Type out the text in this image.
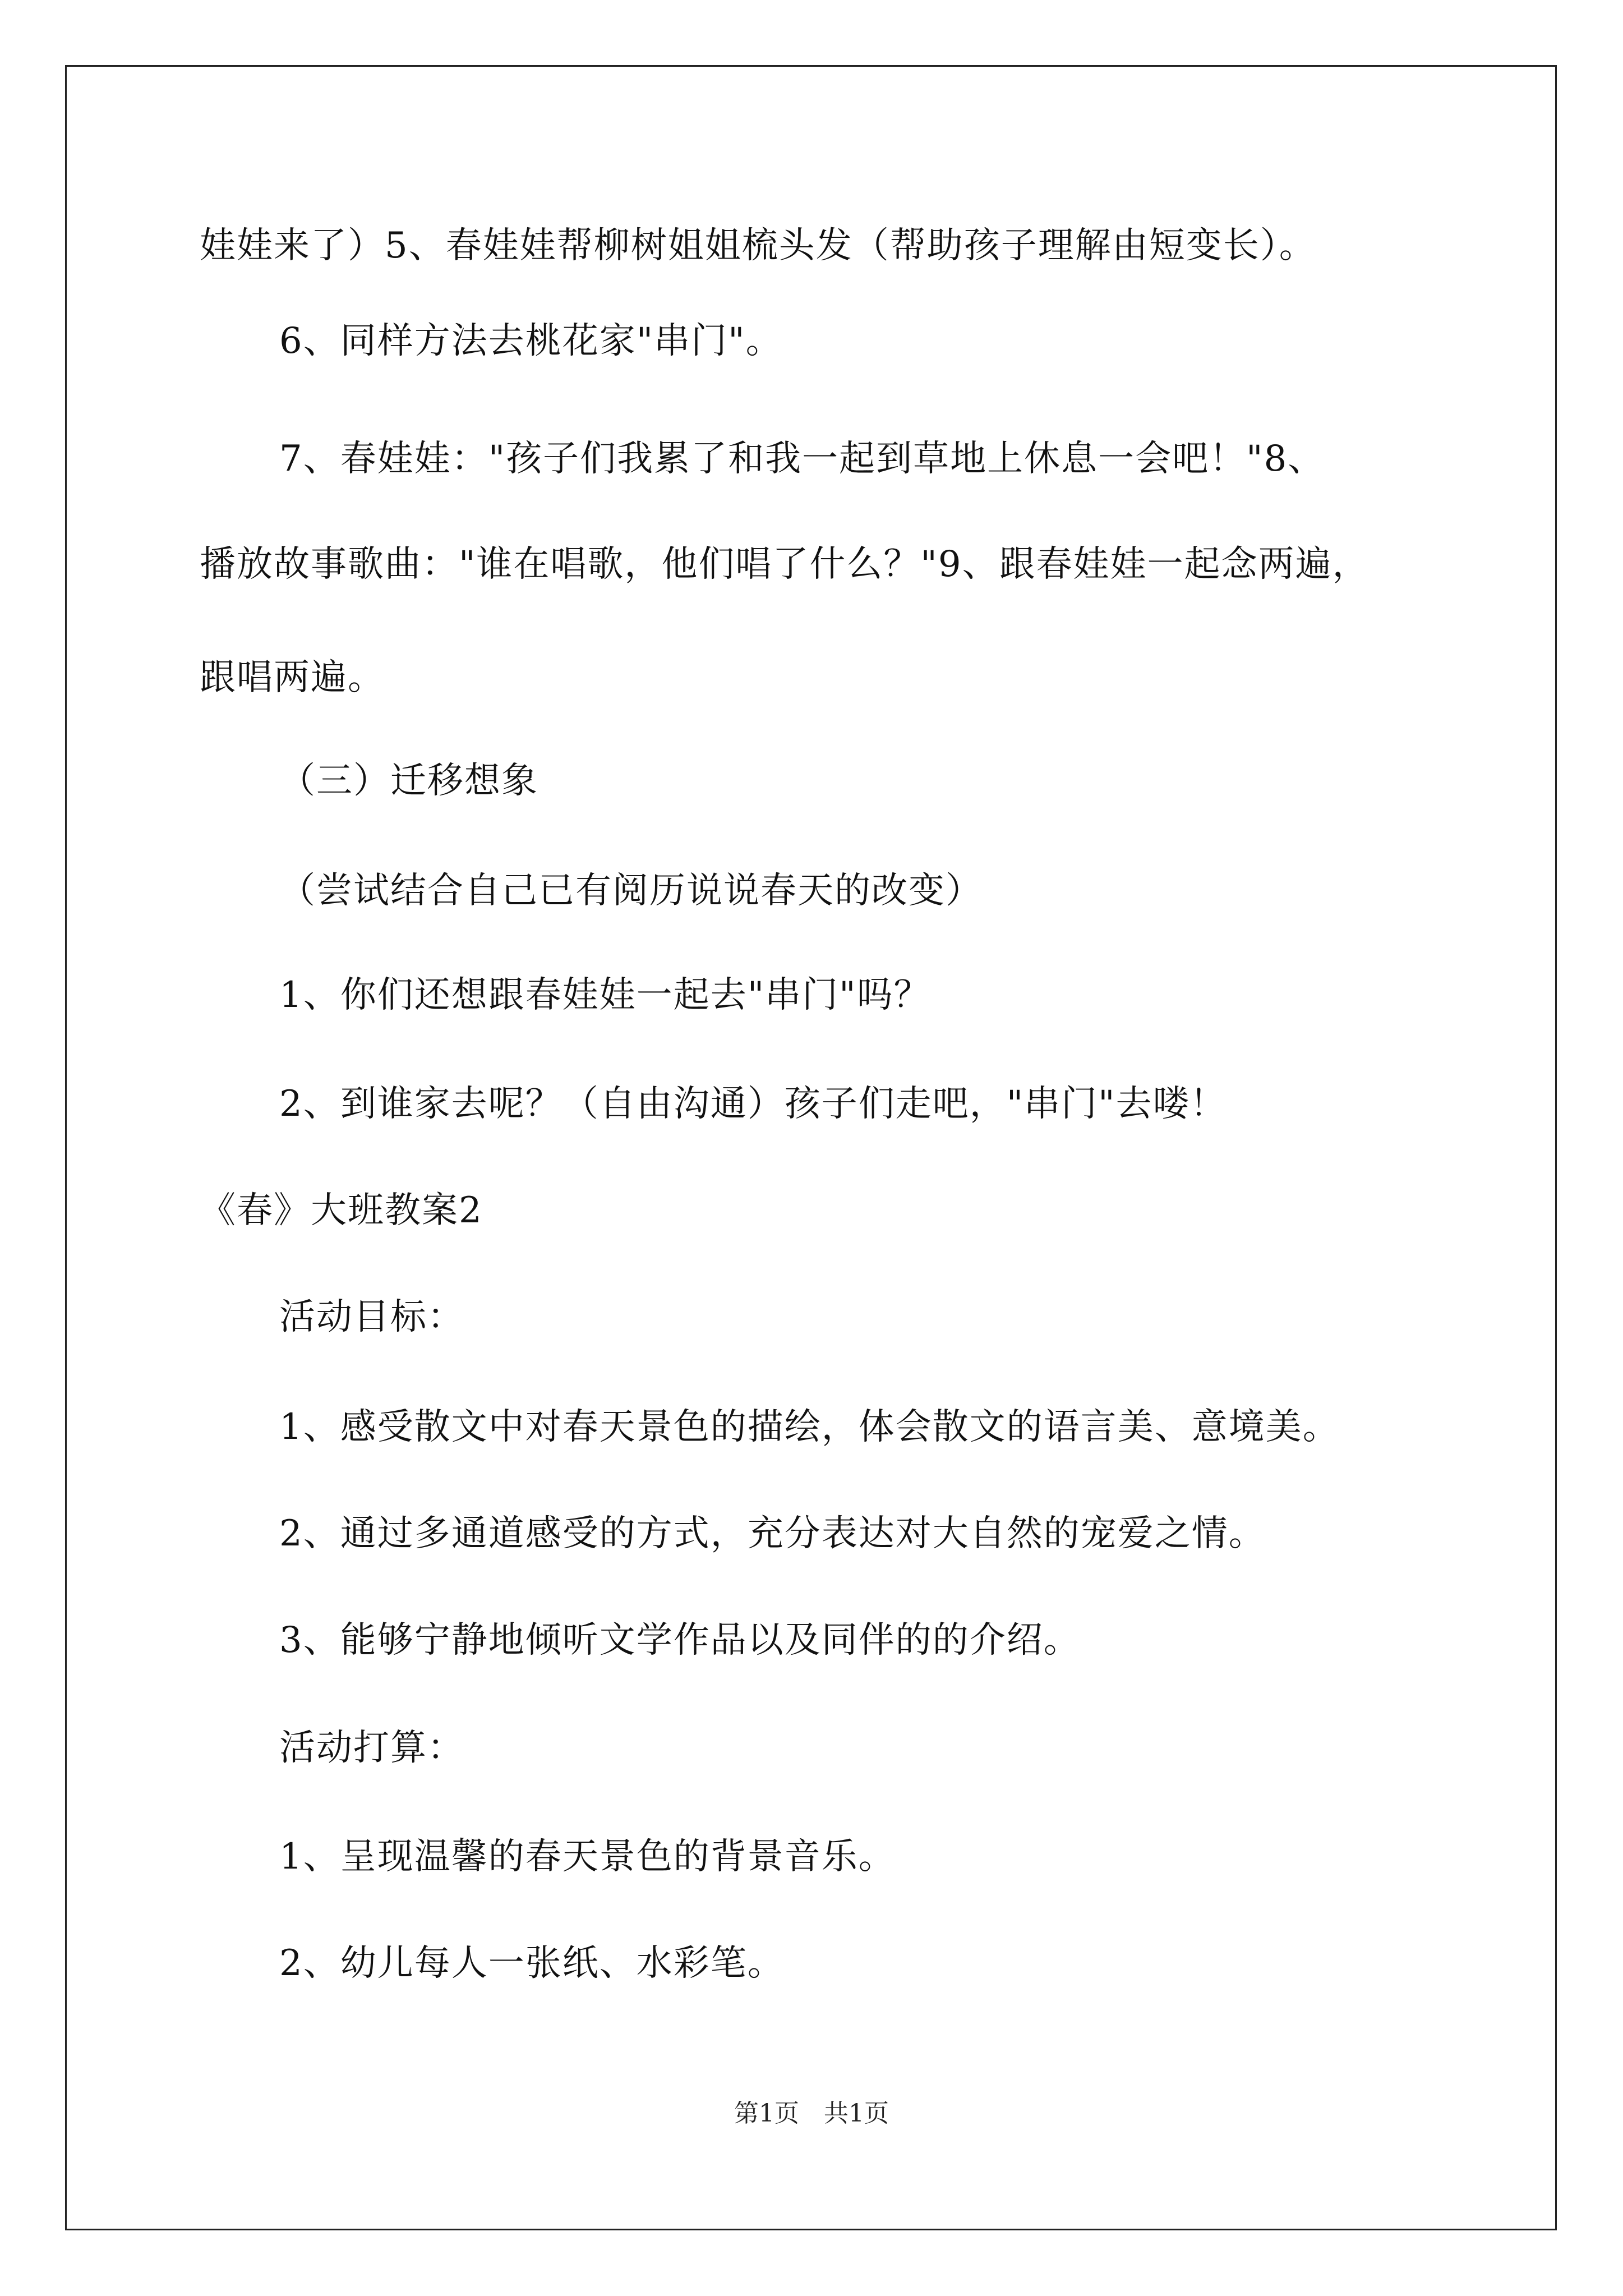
娃娃来了）5、春娃娃帮柳树姐姐梳头发（帮助孩子理解由短变长）。
6、同样方法去桃花家"串门"。
7、春娃娃："孩子们我累了和我一起到草地上休息一会吧！"8、
播放故事歌曲："谁在唱歌，他们唱了什么？"9、跟春娃娃一起念两遍，
跟唱两遍。
（三）迁移想象
（尝试结合自己已有阅历说说春天的改变）
1、你们还想跟春娃娃一起去"串门"吗？
2、到谁家去呢？（自由沟通）孩子们走吧，"串门"去喽！
《春》大班教案2
活动目标：
1、感受散文中对春天景色的描绘，体会散文的语言美、意境美。
2、通过多通道感受的方式，充分表达对大自然的宠爱之情。
3、能够宁静地倾听文学作品以及同伴的的介绍。
活动打算：
1、呈现温馨的春天景色的背景音乐。
2、幼儿每人一张纸、水彩笔。
第1页　共1页
